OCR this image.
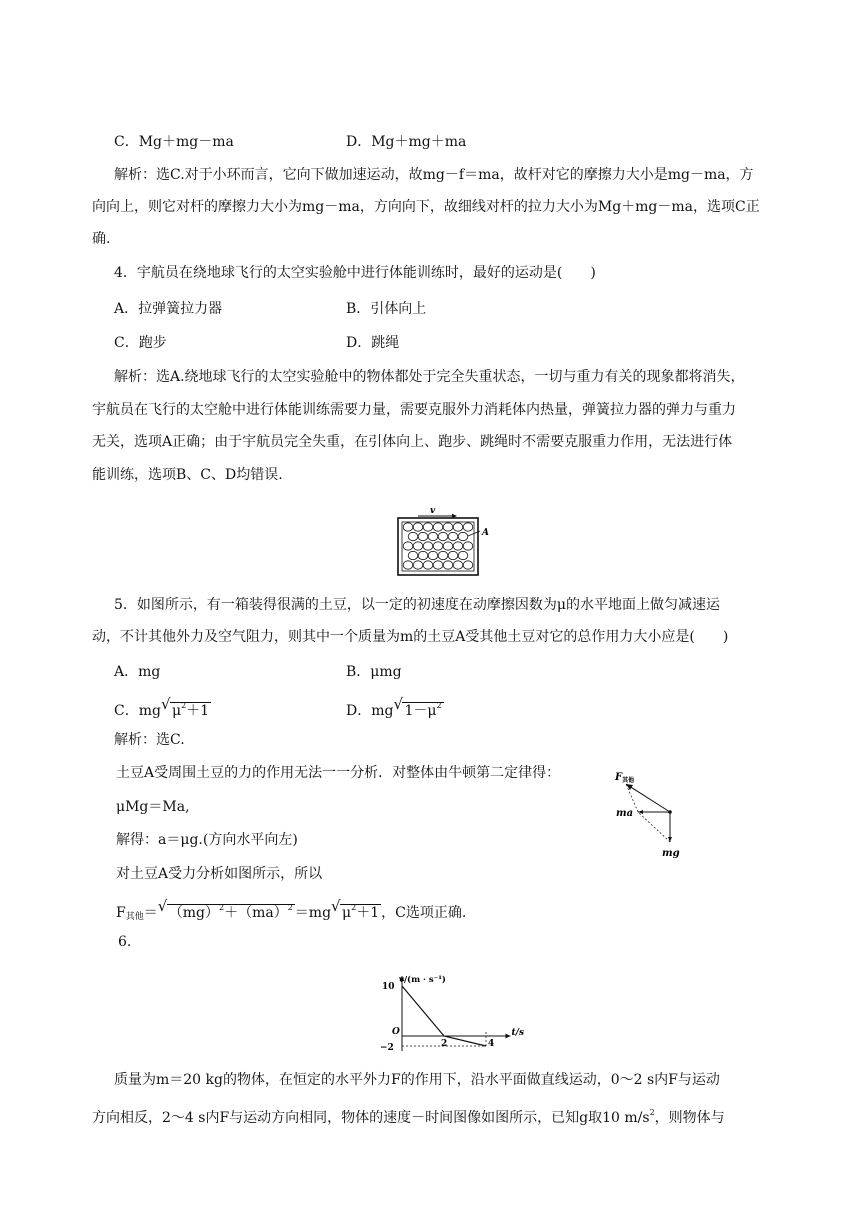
C．Mg＋mg－ma	D．Mg＋mg＋ma
解析：选C.对于小环而言，它向下做加速运动，故mg－f＝ma，故杆对它的摩擦力大小是mg－ma，方
向向上，则它对杆的摩擦力大小为mg－ma，方向向下，故细线对杆的拉力大小为Mg＋mg－ma，选项C正
确.
4．宇航员在绕地球飞行的太空实验舱中进行体能训练时，最好的运动是(　　)
A．拉弹簧拉力器	B．引体向上
C．跑步	D．跳绳
解析：选A.绕地球飞行的太空实验舱中的物体都处于完全失重状态，一切与重力有关的现象都将消失，
宇航员在飞行的太空舱中进行体能训练需要力量，需要克服外力消耗体内热量，弹簧拉力器的弹力与重力
无关，选项A正确；由于宇航员完全失重，在引体向上、跑步、跳绳时不需要克服重力作用，无法进行体
能训练，选项B、C、D均错误.
v
A
5．如图所示，有一箱装得很满的土豆，以一定的初速度在动摩擦因数为μ的水平地面上做匀减速运
动，不计其他外力及空气阻力，则其中一个质量为m的土豆A受其他土豆对它的总作用力大小应是(　　)
A．mg	B．μmg
C．mg √ $\mu^2+1$	D．mg √ $1-\mu^2$
解析：选C.
土豆A受周围土豆的力的作用无法一一分析．对整体由牛顿第二定律得：
μMg＝Ma,
解得：a＝μg.(方向水平向左)
对土豆A受力分析如图所示，所以
$F_{其他}=$ √ （mg）$^2$＋（ma）$^2$ ＝mg √ $\mu^2+1$ ，C选项正确.
$F_{其他}$
ma
mg
6.
v/(m · s⁻¹)
t/s
O
10
−2	2	4
质量为m＝20 kg的物体，在恒定的水平外力F的作用下，沿水平面做直线运动，0～2 s内F与运动
方向相反，2～4 s内F与运动方向相同，物体的速度－时间图像如图所示，已知g取10 $m/s^2$，则物体与
